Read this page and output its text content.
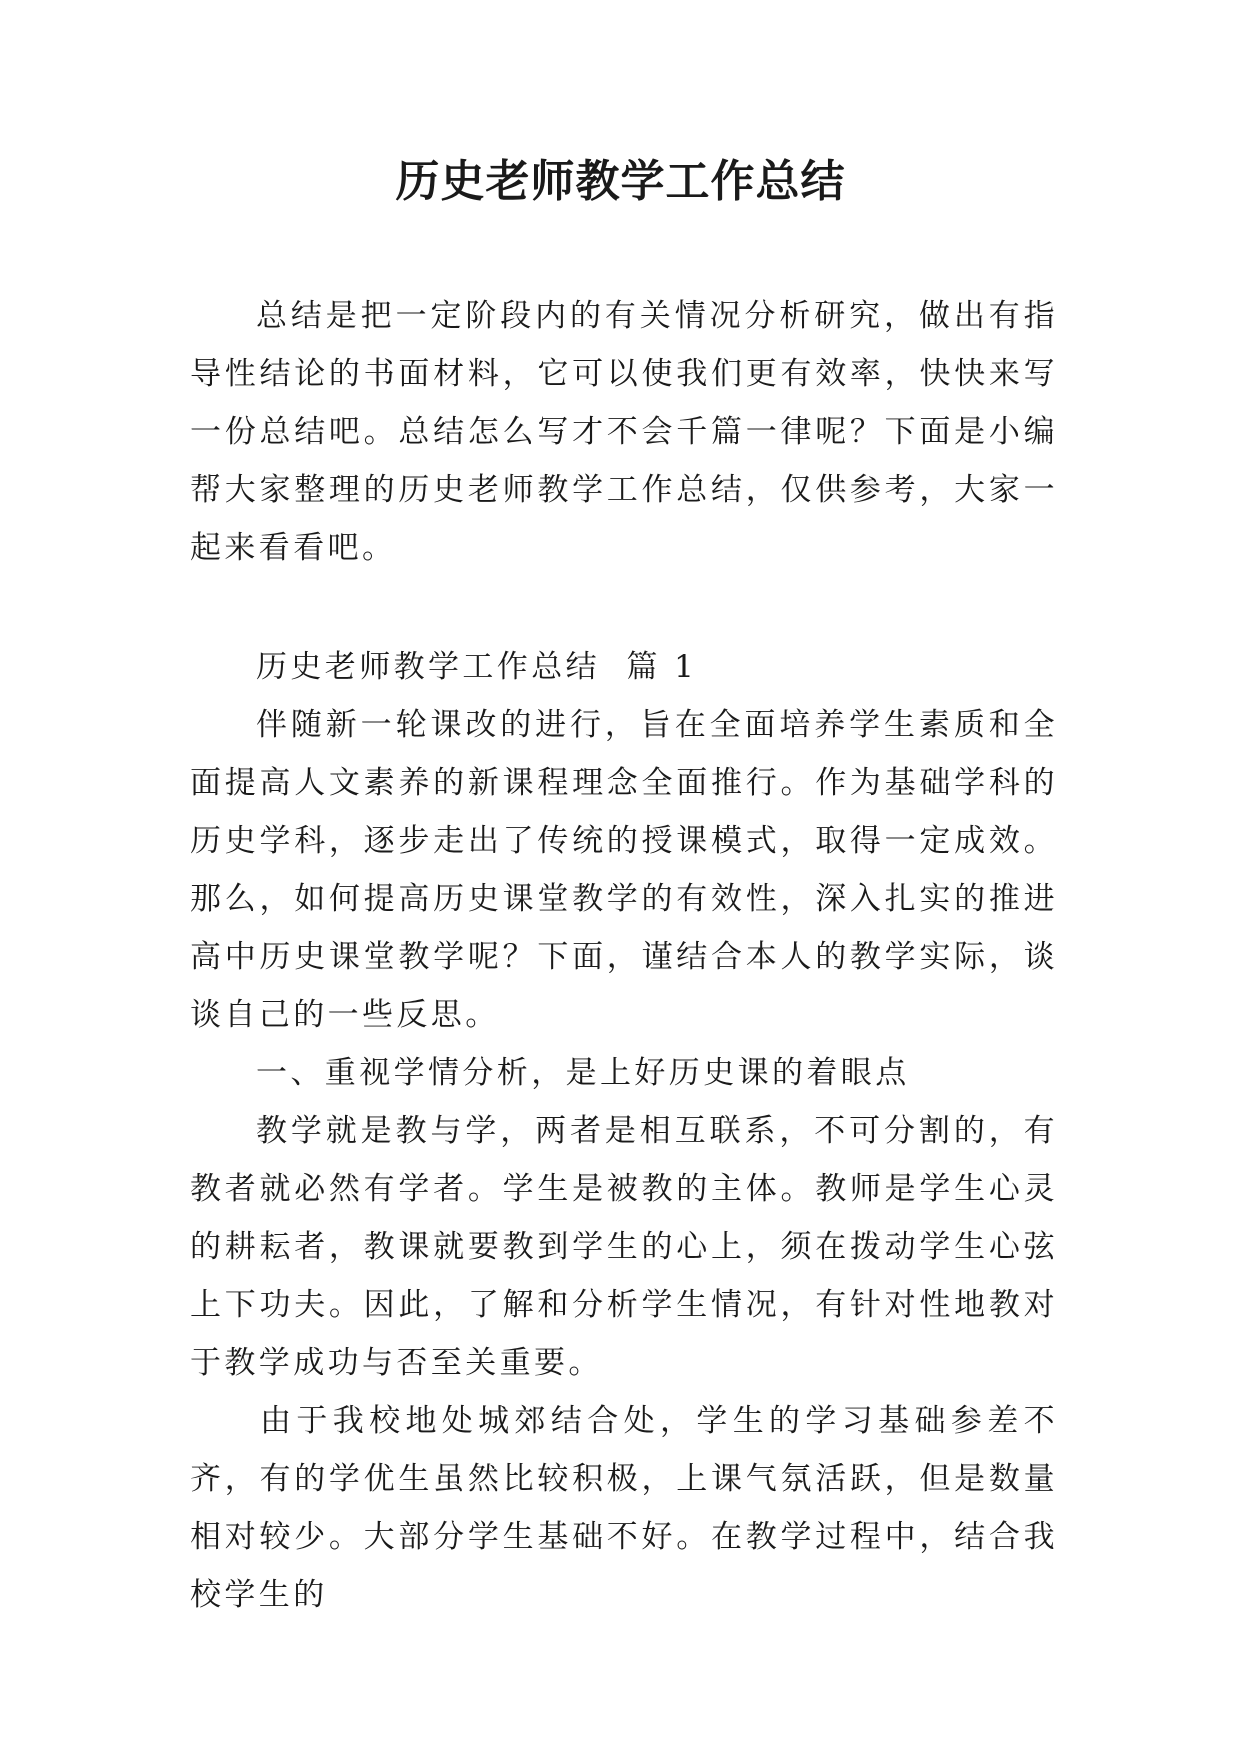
历史老师教学工作总结

总结是把一定阶段内的有关情况分析研究，做出有指导性结论的书面材料，它可以使我们更有效率，快快来写一份总结吧。总结怎么写才不会千篇一律呢？下面是小编帮大家整理的历史老师教学工作总结，仅供参考，大家一起来看看吧。

历史老师教学工作总结  篇 1

伴随新一轮课改的进行，旨在全面培养学生素质和全面提高人文素养的新课程理念全面推行。作为基础学科的历史学科，逐步走出了传统的授课模式，取得一定成效。那么，如何提高历史课堂教学的有效性，深入扎实的推进高中历史课堂教学呢？下面，谨结合本人的教学实际，谈谈自己的一些反思。

一、重视学情分析，是上好历史课的着眼点

教学就是教与学，两者是相互联系，不可分割的，有教者就必然有学者。学生是被教的主体。教师是学生心灵的耕耘者，教课就要教到学生的心上，须在拨动学生心弦上下功夫。因此，了解和分析学生情况，有针对性地教对于教学成功与否至关重要。

由于我校地处城郊结合处，学生的学习基础参差不齐，有的学优生虽然比较积极，上课气氛活跃，但是数量相对较少。大部分学生基础不好。在教学过程中，结合我校学生的
